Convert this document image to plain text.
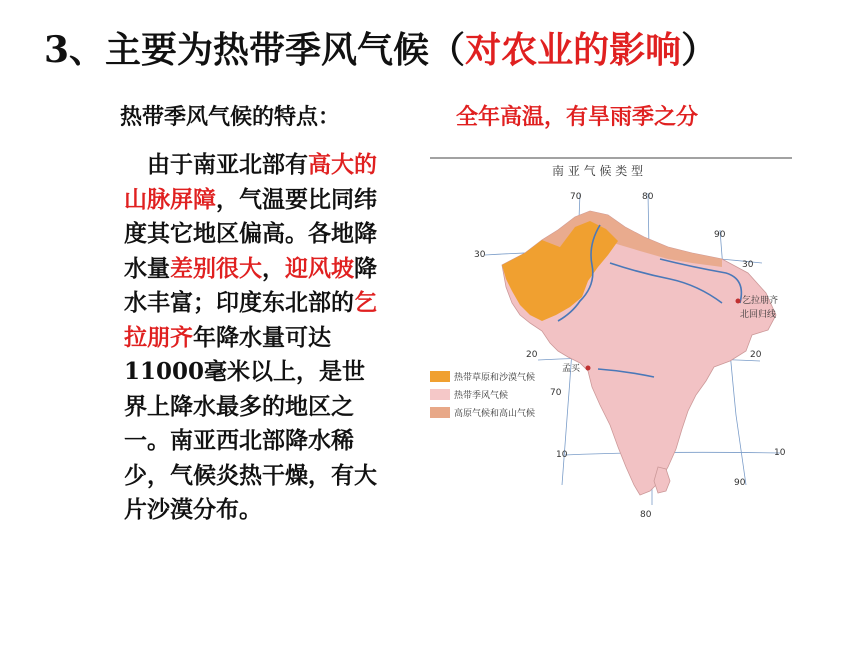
3、主要为热带季风气候（对农业的影响）
热带季风气候的特点：	全年高温，有旱雨季之分
　由于南亚北部有高大的山脉屏障，气温要比同纬度其它地区偏高。各地降水量差别很大，迎风坡降水丰富；印度东北部的乞拉朋齐年降水量可达11000毫米以上，是世界上降水最多的地区之一。南亚西北部降水稀少，气候炎热干燥，有大片沙漠分布。
南 亚 气 候 类 型
70	80
90
70
80
90
30
30
20	20
10	10
乞拉朋齐
北回归线
孟买
热带草原和沙漠气候
热带季风气候
高原气候和高山气候
